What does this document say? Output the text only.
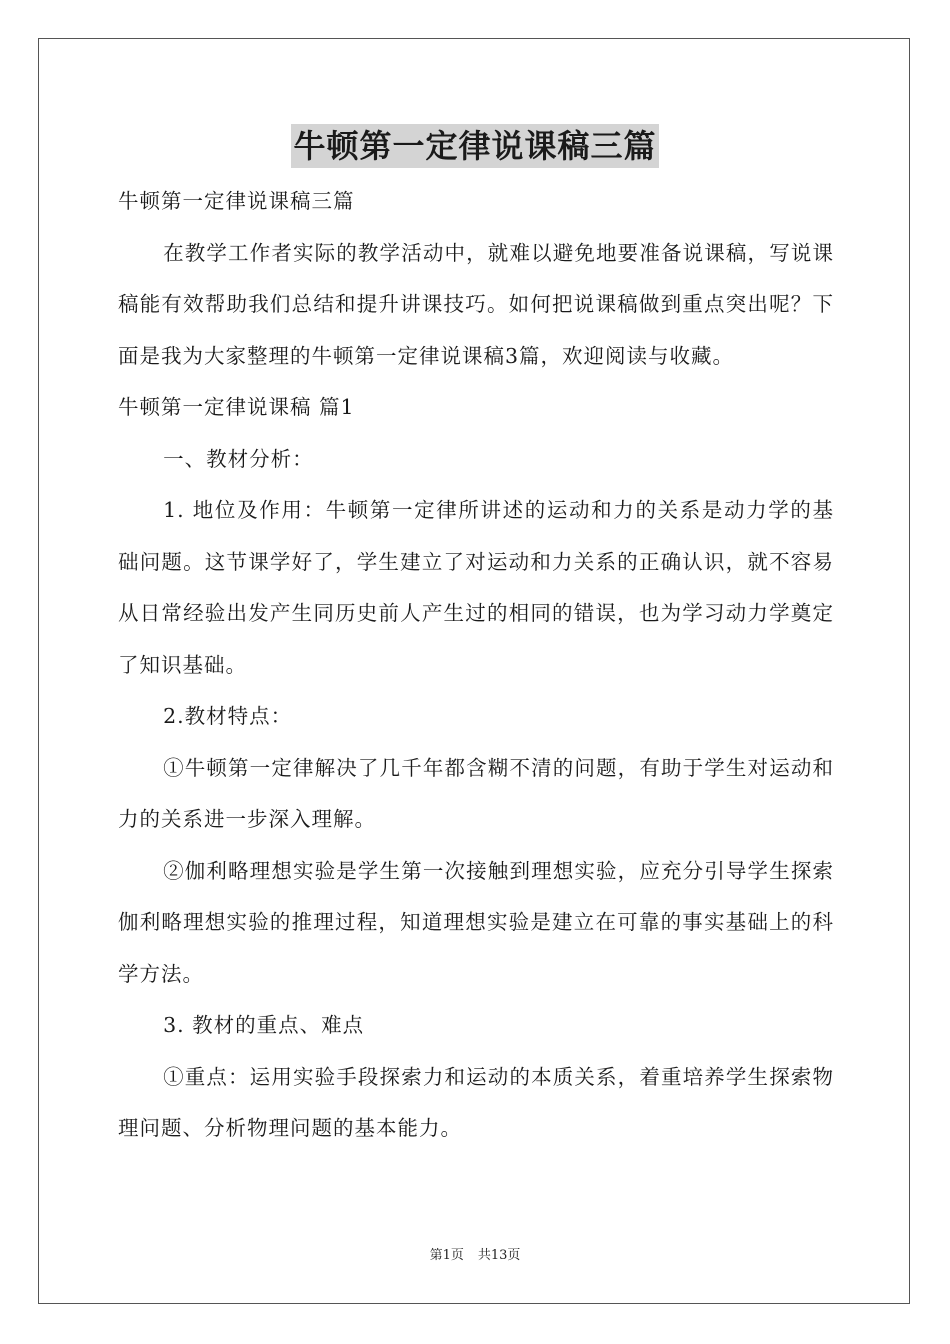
牛顿第一定律说课稿三篇

牛顿第一定律说课稿三篇

在教学工作者实际的教学活动中，就难以避免地要准备说课稿，写说课稿能有效帮助我们总结和提升讲课技巧。如何把说课稿做到重点突出呢？下面是我为大家整理的牛顿第一定律说课稿3篇，欢迎阅读与收藏。

牛顿第一定律说课稿 篇1

一、教材分析：

1. 地位及作用：牛顿第一定律所讲述的运动和力的关系是动力学的基础问题。这节课学好了，学生建立了对运动和力关系的正确认识，就不容易从日常经验出发产生同历史前人产生过的相同的错误，也为学习动力学奠定了知识基础。

2.教材特点：

①牛顿第一定律解决了几千年都含糊不清的问题，有助于学生对运动和力的关系进一步深入理解。

②伽利略理想实验是学生第一次接触到理想实验，应充分引导学生探索伽利略理想实验的推理过程，知道理想实验是建立在可靠的事实基础上的科学方法。

3. 教材的重点、难点

①重点：运用实验手段探索力和运动的本质关系，着重培养学生探索物理问题、分析物理问题的基本能力。

第1页 共13页
